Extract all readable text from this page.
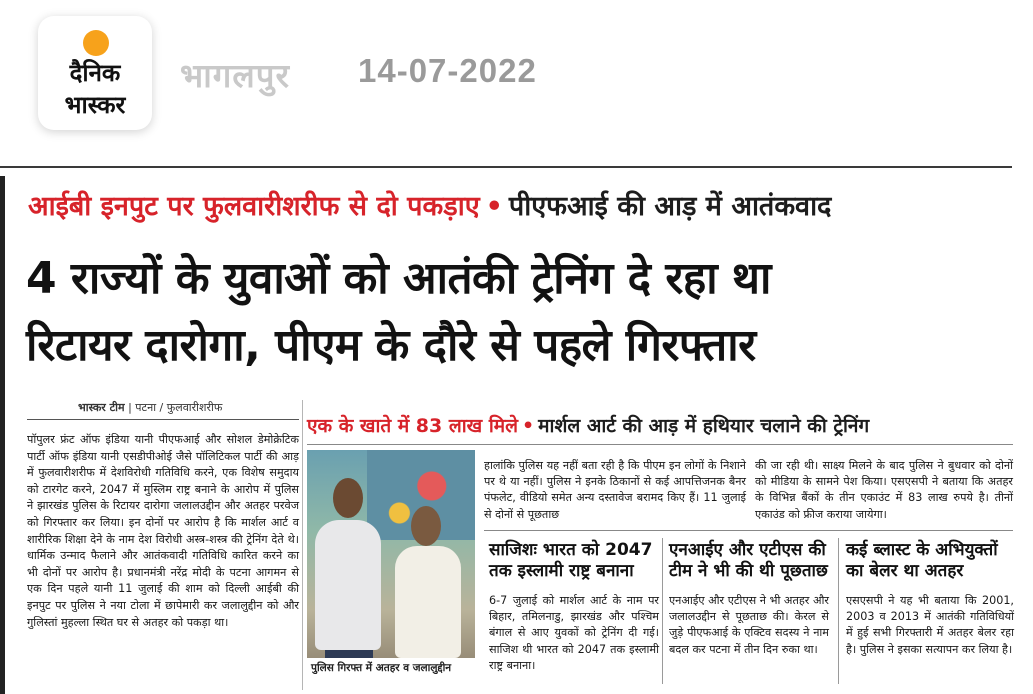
दैनिक
भास्कर
भागलपुर 14-07-2022
आईबी इनपुट पर फुलवारीशरीफ से दो पकड़ाए • पीएफआई की आड़ में आतंकवाद
4 राज्यों के युवाओं को आतंकी ट्रेनिंग दे रहा था
रिटायर दारोगा, पीएम के दौरे से पहले गिरफ्तार
भास्कर टीम | पटना / फुलवारीशरीफ
पॉपुलर फ्रंट ऑफ इंडिया यानी पीएफआई और सोशल डेमोक्रेटिक पार्टी ऑफ इंडिया यानी एसडीपीओई जैसे पॉलिटिकल पार्टी की आड़ में फुलवारीशरीफ में देशविरोधी गतिविधि करने, एक विशेष समुदाय को टारगेट करने, 2047 में मुस्लिम राष्ट्र बनाने के आरोप में पुलिस ने झारखंड पुलिस के रिटायर दारोगा जलालउद्दीन और अतहर परवेज को गिरफ्तार कर लिया। इन दोनों पर आरोप है कि मार्शल आर्ट व शारीरिक शिक्षा देने के नाम देश विरोधी अस्त्र-शस्त्र की ट्रेनिंग देते थे। धार्मिक उन्माद फैलाने और आतंकवादी गतिविधि कारित करने का भी दोनों पर आरोप है। प्रधानमंत्री नरेंद्र मोदी के पटना आगमन से एक दिन पहले यानी 11 जुलाई की शाम को दिल्ली आईबी की इनपुट पर पुलिस ने नया टोला में छापेमारी कर जलालुद्दीन को और गुलिस्तां मुहल्ला स्थित घर से अतहर को पकड़ा था।
एक के खाते में 83 लाख मिले • मार्शल आर्ट की आड़ में हथियार चलाने की ट्रेनिंग
पुलिस गिरफ्त में अतहर व जलालुद्दीन
हालांकि पुलिस यह नहीं बता रही है कि पीएम इन लोगों के निशाने पर थे या नहीं। पुलिस ने इनके ठिकानों से कई आपत्तिजनक बैनर पंफलेट, वीडियो समेत अन्य दस्तावेज बरामद किए हैं। 11 जुलाई से दोनों से पूछताछ
की जा रही थी। साक्ष्य मिलने के बाद पुलिस ने बुधवार को दोनों को मीडिया के सामने पेश किया। एसएसपी ने बताया कि अतहर के विभिन्न बैंकों के तीन एकाउंट में 83 लाख रुपये है। तीनों एकाउंड को फ्रीज कराया जायेगा।
साजिशः भारत को 2047 तक इस्लामी राष्ट्र बनाना
एनआईए और एटीएस की टीम ने भी की थी पूछताछ
कई ब्लास्ट के अभियुक्तों का बेलर था अतहर
6-7 जुलाई को मार्शल आर्ट के नाम पर बिहार, तमिलनाडु, झारखंड और पश्चिम बंगाल से आए युवकों को ट्रेनिंग दी गई। साजिश थी भारत को 2047 तक इस्लामी राष्ट्र बनाना।
एनआईए और एटीएस ने भी अतहर और जलालउद्दीन से पूछताछ की। केरल से जुड़े पीएफआई के एक्टिव सदस्य ने नाम बदल कर पटना में तीन दिन रुका था।
एसएसपी ने यह भी बताया कि 2001, 2003 व 2013 में आतंकी गतिविधियों में हुई सभी गिरफ्तारी में अतहर बेलर रहा है। पुलिस ने इसका सत्यापन कर लिया है।
